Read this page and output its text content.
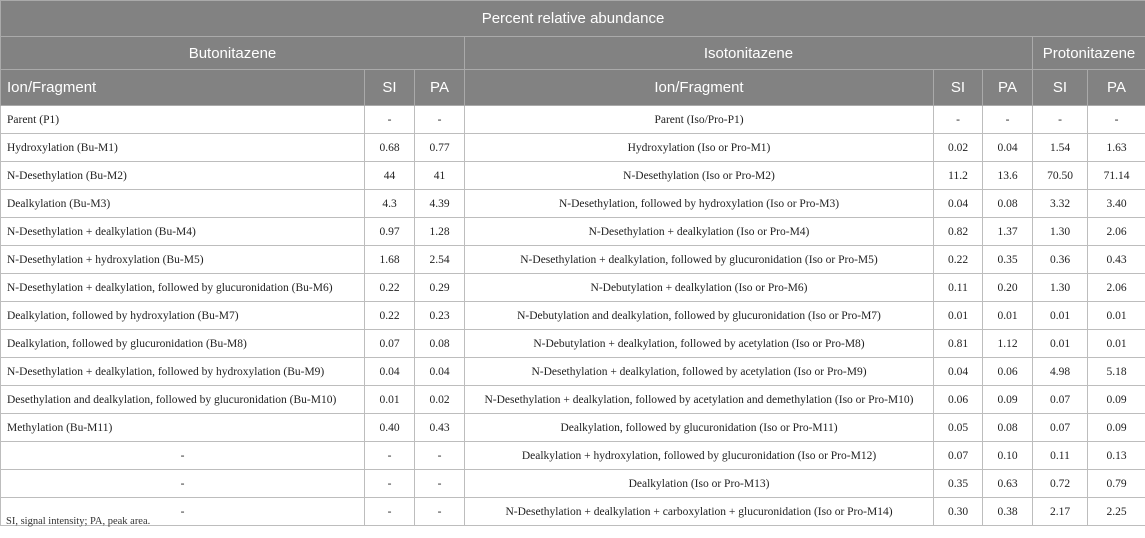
Percent relative abundance							
Butonitazene			Isotonitazene			Protonitazene	
Ion/Fragment	SI	PA	Ion/Fragment	SI	PA	SI	PA
Parent (P1)	-	-	Parent (Iso/Pro-P1)	-	-	-	-
Hydroxylation (Bu-M1)	0.68	0.77	Hydroxylation (Iso or Pro-M1)	0.02	0.04	1.54	1.63
N-Desethylation (Bu-M2)	44	41	N-Desethylation (Iso or Pro-M2)	11.2	13.6	70.50	71.14
Dealkylation (Bu-M3)	4.3	4.39	N-Desethylation, followed by hydroxylation (Iso or Pro-M3)	0.04	0.08	3.32	3.40
N-Desethylation + dealkylation (Bu-M4)	0.97	1.28	N-Desethylation + dealkylation (Iso or Pro-M4)	0.82	1.37	1.30	2.06
N-Desethylation + hydroxylation (Bu-M5)	1.68	2.54	N-Desethylation + dealkylation, followed by glucuronidation (Iso or Pro-M5)	0.22	0.35	0.36	0.43
N-Desethylation + dealkylation, followed by glucuronidation (Bu-M6)	0.22	0.29	N-Debutylation + dealkylation (Iso or Pro-M6)	0.11	0.20	1.30	2.06
Dealkylation, followed by hydroxylation (Bu-M7)	0.22	0.23	N-Debutylation and dealkylation, followed by glucuronidation (Iso or Pro-M7)	0.01	0.01	0.01	0.01
Dealkylation, followed by glucuronidation (Bu-M8)	0.07	0.08	N-Debutylation + dealkylation, followed by acetylation (Iso or Pro-M8)	0.81	1.12	0.01	0.01
N-Desethylation + dealkylation, followed by hydroxylation (Bu-M9)	0.04	0.04	N-Desethylation + dealkylation, followed by acetylation (Iso or Pro-M9)	0.04	0.06	4.98	5.18
Desethylation and dealkylation, followed by glucuronidation (Bu-M10)	0.01	0.02	N-Desethylation + dealkylation, followed by acetylation and demethylation (Iso or Pro-M10)	0.06	0.09	0.07	0.09
Methylation (Bu-M11)	0.40	0.43	Dealkylation, followed by glucuronidation (Iso or Pro-M11)	0.05	0.08	0.07	0.09
-	-	-	Dealkylation + hydroxylation, followed by glucuronidation (Iso or Pro-M12)	0.07	0.10	0.11	0.13
-	-	-	Dealkylation (Iso or Pro-M13)	0.35	0.63	0.72	0.79
-	-	-	N-Desethylation + dealkylation + carboxylation + glucuronidation (Iso or Pro-M14)	0.30	0.38	2.17	2.25
SI, signal intensity; PA, peak area.
